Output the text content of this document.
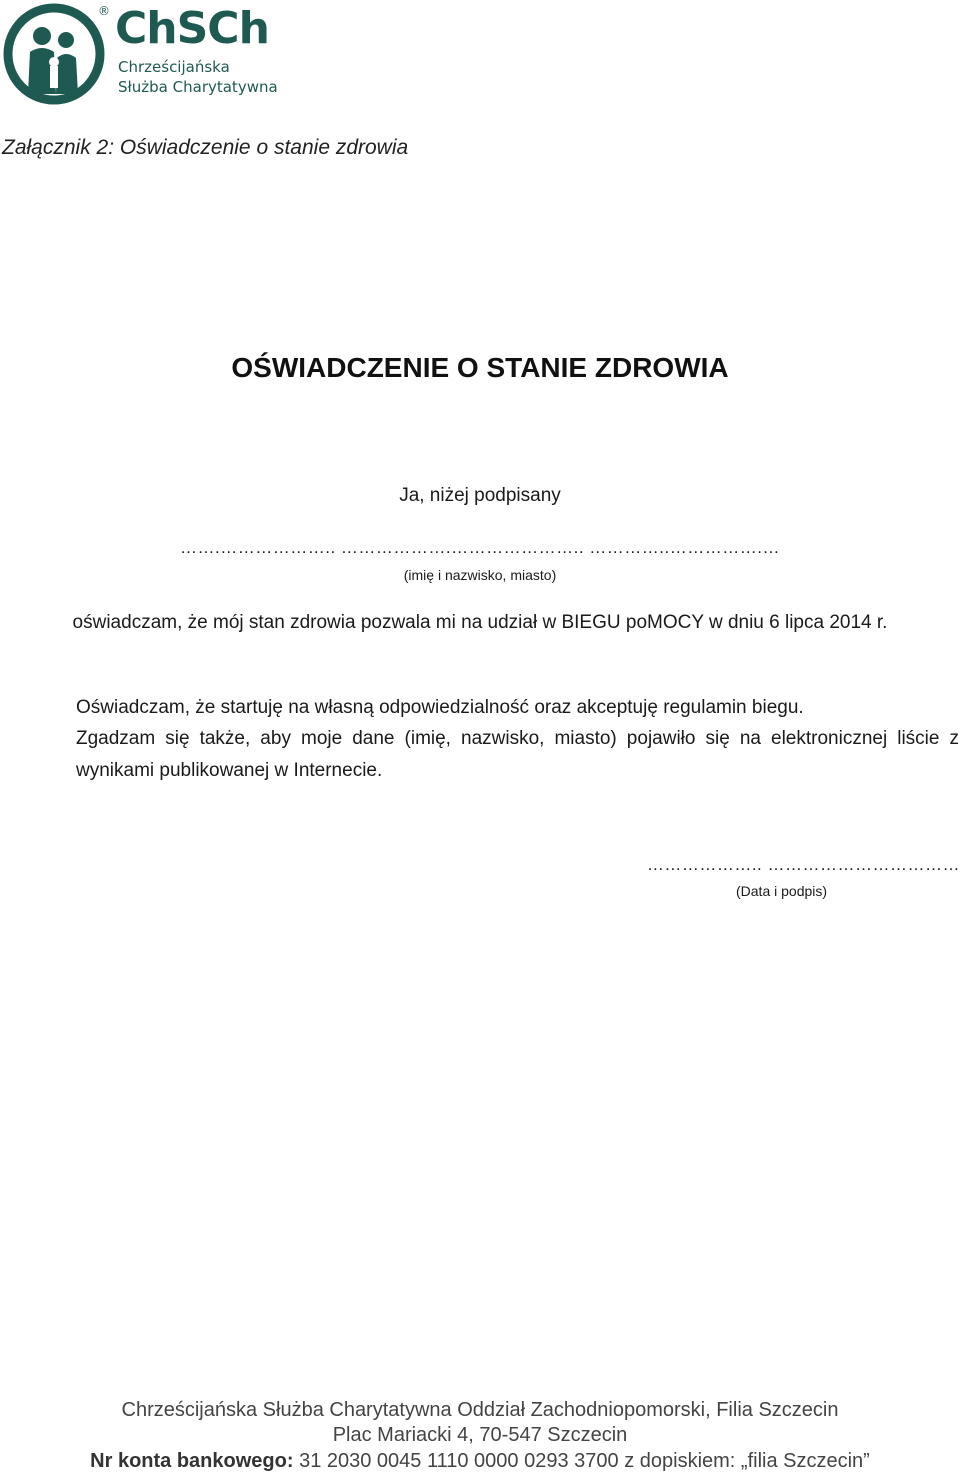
® ChSCh
Chrześcijańska
Służba Charytatywna
Załącznik 2: Oświadczenie o stanie zdrowia
OŚWIADCZENIE O STANIE ZDROWIA
Ja, niżej podpisany
…….……………….. ……………….………………….. …………..…………….…
(imię i nazwisko, miasto)
oświadczam, że mój stan zdrowia pozwala mi na udział w BIEGU poMOCY w dniu 6 lipca 2014 r.
Oświadczam, że startuję na własną odpowiedzialność oraz akceptuję regulamin biegu.
Zgadzam się także, aby moje dane (imię, nazwisko, miasto) pojawiło się na elektronicznej liście z wynikami publikowanej w Internecie.
……………….. ……………………………
(Data i podpis)
Chrześcijańska Służba Charytatywna Oddział Zachodniopomorski, Filia Szczecin
Plac Mariacki 4, 70-547 Szczecin
Nr konta bankowego: 31 2030 0045 1110 0000 0293 3700 z dopiskiem: „filia Szczecin”
